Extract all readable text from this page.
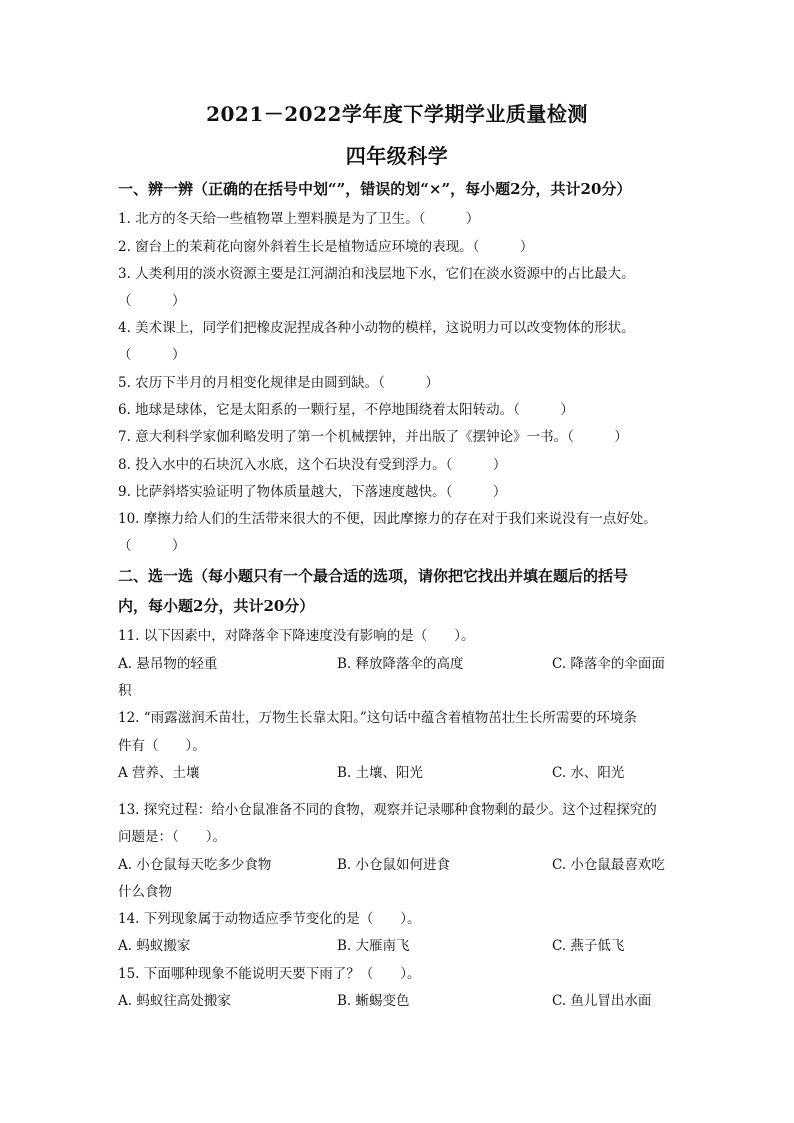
2021－2022学年度下学期学业质量检测
四年级科学
一、辨一辨（正确的在括号中划“”，错误的划“×”，每小题2分，共计20分）
1. 北方的冬天给一些植物罩上塑料膜是为了卫生。（　　　）
2. 窗台上的茉莉花向窗外斜着生长是植物适应环境的表现。（　　　）
3. 人类利用的淡水资源主要是江河湖泊和浅层地下水，它们在淡水资源中的占比最大。
（　　　）
4. 美术课上，同学们把橡皮泥捏成各种小动物的模样，这说明力可以改变物体的形状。
（　　　）
5. 农历下半月的月相变化规律是由圆到缺。（　　　）
6. 地球是球体，它是太阳系的一颗行星，不停地围绕着太阳转动。（　　　）
7. 意大利科学家伽利略发明了第一个机械摆钟，并出版了《摆钟论》一书。（　　　）
8. 投入水中的石块沉入水底，这个石块没有受到浮力。（　　　）
9. 比萨斜塔实验证明了物体质量越大，下落速度越快。（　　　）
10. 摩擦力给人们的生活带来很大的不便，因此摩擦力的存在对于我们来说没有一点好处。
（　　　）
二、选一选（每小题只有一个最合适的选项，请你把它找出并填在题后的括号
内，每小题2分，共计20分）
11. 以下因素中，对降落伞下降速度没有影响的是（　　）。
A. 悬吊物的轻重	B. 释放降落伞的高度	C. 降落伞的伞面面
积
12. “雨露滋润禾苗壮，万物生长靠太阳。”这句话中蕴含着植物茁壮生长所需要的环境条
件有（　　）。
A 营养、土壤	B. 土壤、阳光	C. 水、阳光
13. 探究过程：给小仓鼠准备不同的食物，观察并记录哪种食物剩的最少。这个过程探究的
问题是：（　　）。
A. 小仓鼠每天吃多少食物	B. 小仓鼠如何进食	C. 小仓鼠最喜欢吃
什么食物
14. 下列现象属于动物适应季节变化的是（　　）。
A. 蚂蚁搬家	B. 大雁南飞	C. 燕子低飞
15. 下面哪种现象不能说明天要下雨了？（　　）。
A. 蚂蚁往高处搬家	B. 蜥蜴变色	C. 鱼儿冒出水面
